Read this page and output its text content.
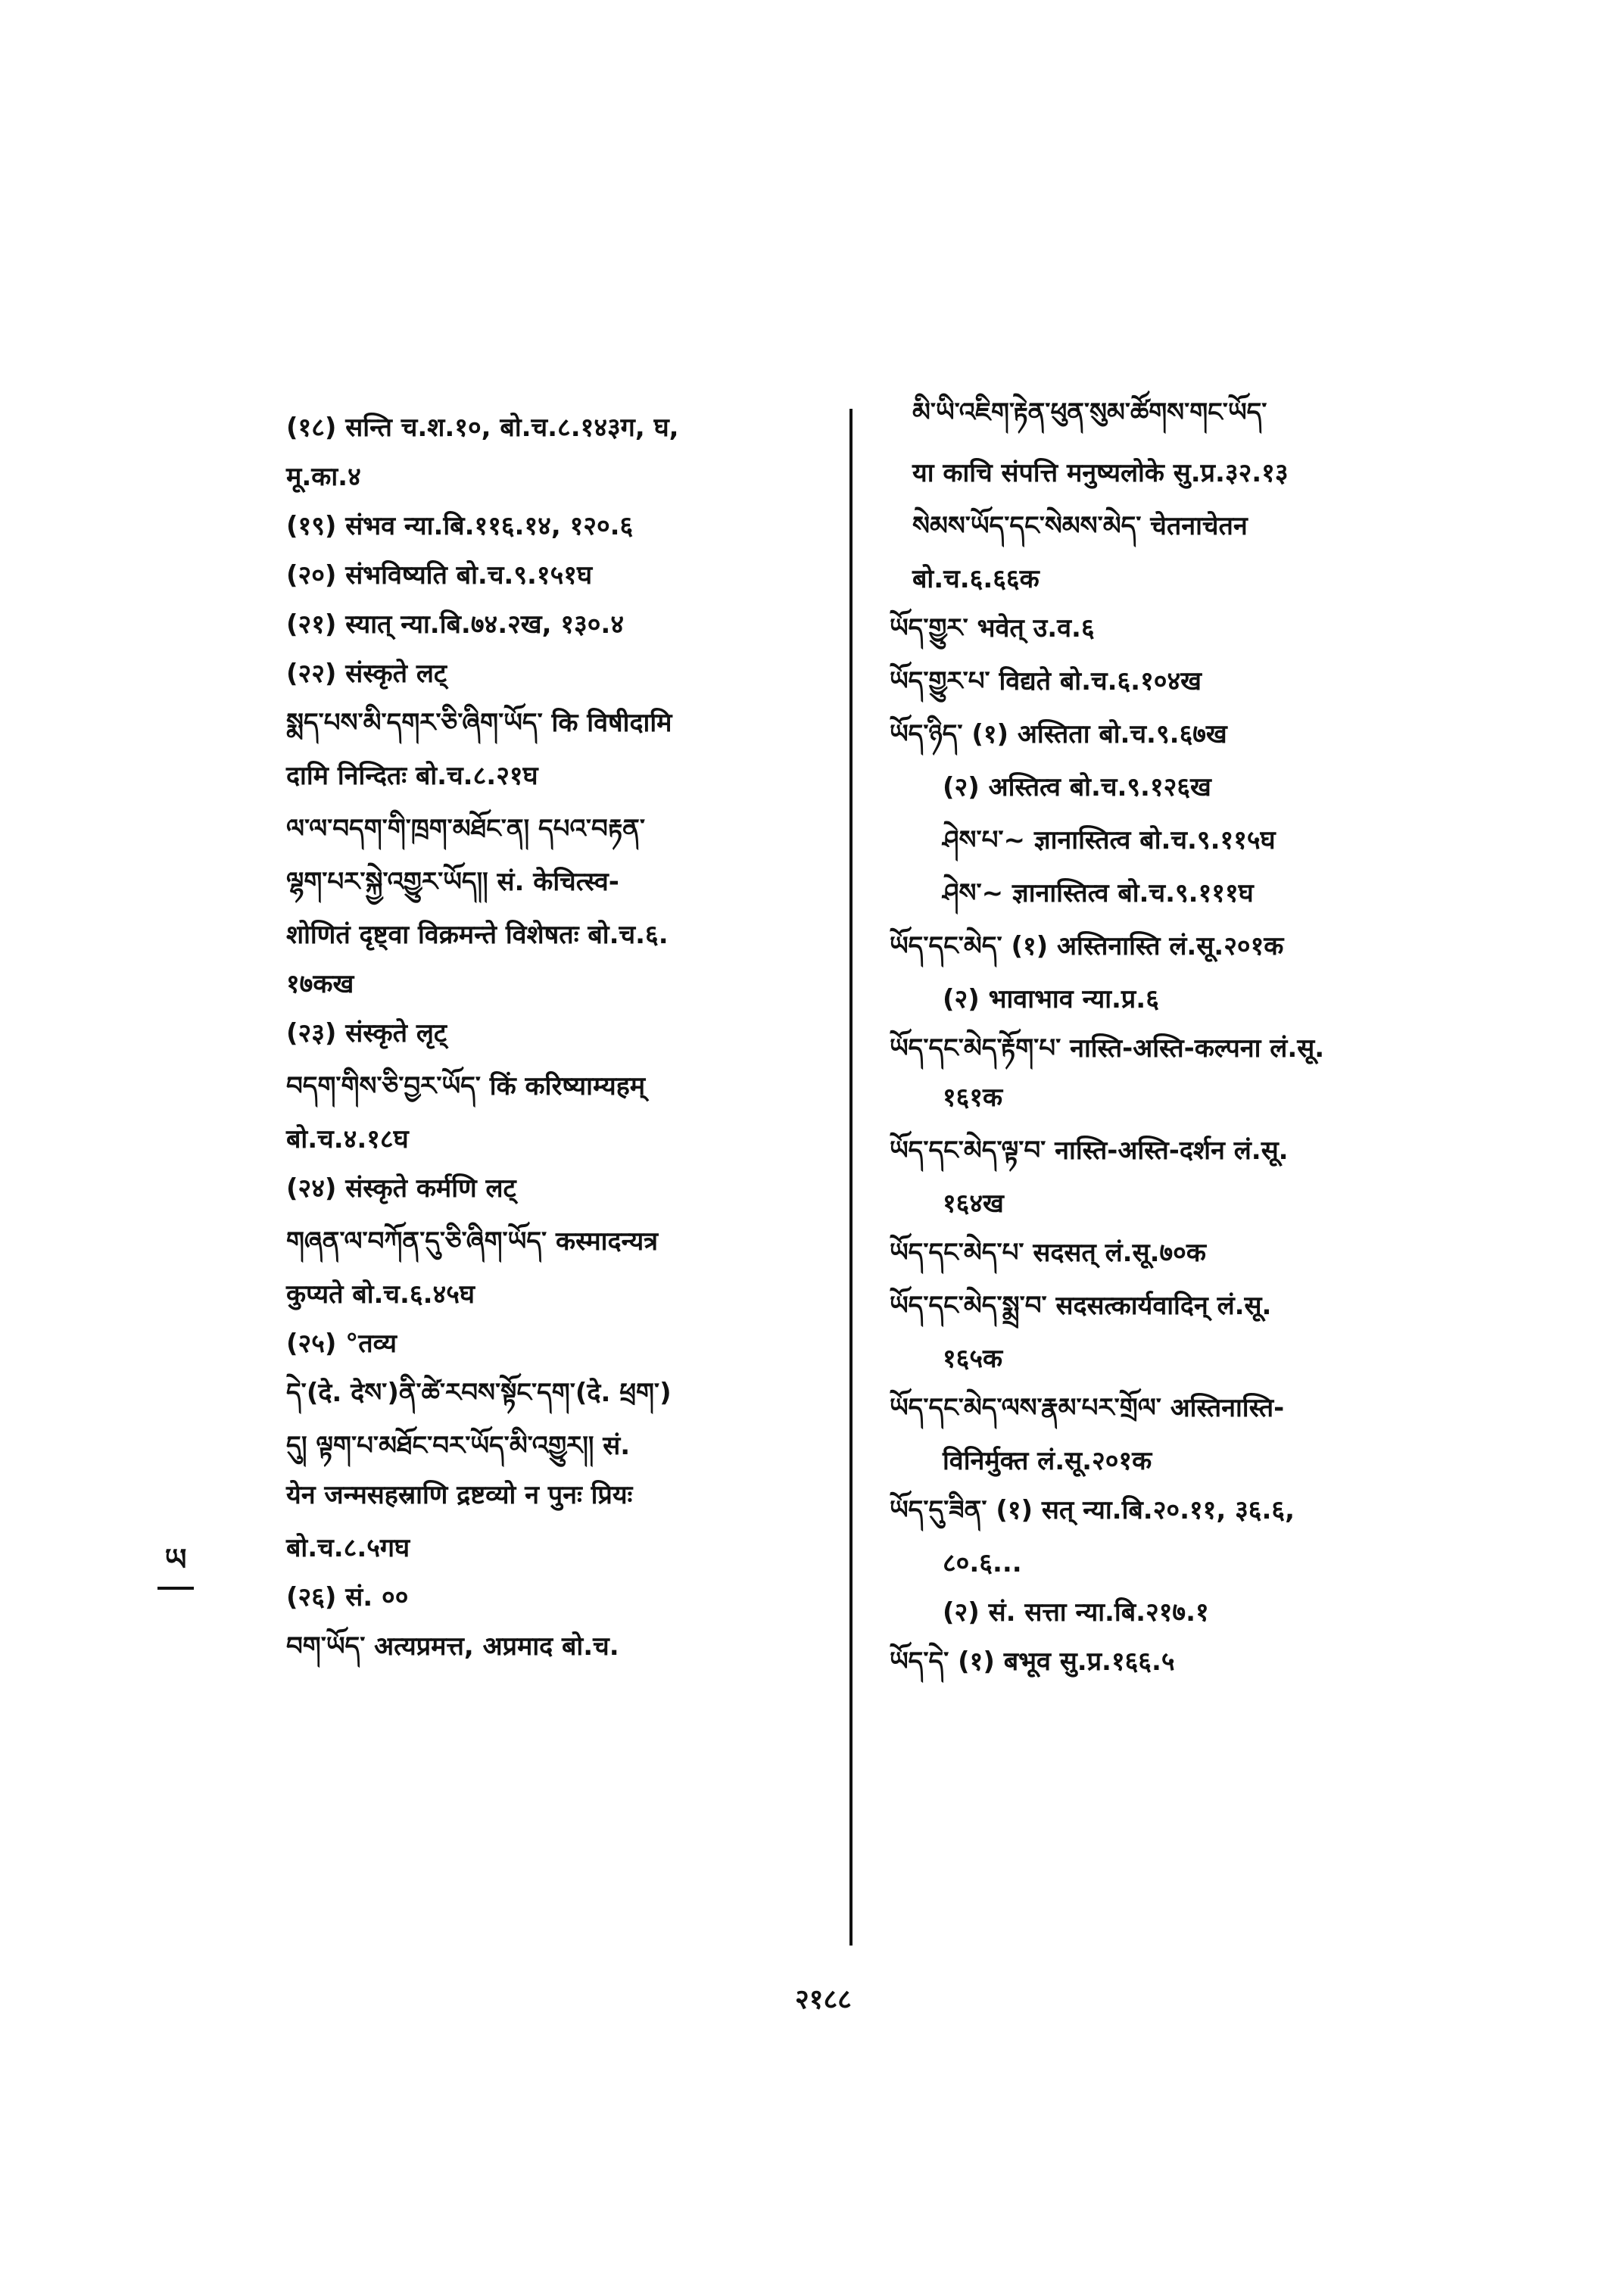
(१८) सन्ति च.श.१०, बो.च.८.१४३ग, घ,
मू.का.४
(१९) संभव न्या.बि.११६.१४, १२०.६
(२०) संभविष्यति बो.च.९.१५१घ
(२१) स्यात् न्या.बि.७४.२ख, १३०.४
(२२) संस्कृते लट्
སྨད་པས་མི་དགར་ཅི་ཞིག་ཡོད་ कि विषीदामि
दामि निन्दितः बो.च.८.२१घ
ལ་ལ་བདག་གི་ཁྲག་མཐོང་ན། དཔའ་བརྟན་
ལྷག་པར་སྐྱེ་འགྱུར་ཡོད།། सं. केचित्स्व-
शोणितं दृष्ट्वा विक्रमन्ते विशेषतः बो.च.६.
१७कख
(२३) संस्कृते लृट्
བདག་གིས་ཅི་བྱར་ཡོད་ किं करिष्याम्यहम्
बो.च.४.१८घ
(२४) संस्कृते कर्मणि लट्
གཞན་ལ་བཀོན་དུ་ཅི་ཞིག་ཡོད་ कस्मादन्यत्र
कुप्यते बो.च.६.४५घ
(२५) °तव्य
དེ་(दे. देས་)ནི་ཚེ་རབས་སྟོང་དག་(दे. ཕྲག་)
དུ། ལྟག་པ་མཐོང་བར་ཡོད་མི་འགྱུར།། सं.
येन जन्मसहस्राणि द्रष्टव्यो न पुनः प्रियः
बो.च.८.५गघ
(२६) सं. ००
བག་ཡོད་ अत्यप्रमत्त, अप्रमाद बो.च.
མི་ཡི་འཇིག་རྟེན་ཕུན་སུམ་ཚོགས་གང་ཡོད་
या काचि संपत्ति मनुष्यलोके सु.प्र.३२.१३
སེམས་ཡོད་དང་སེམས་མེད་ चेतनाचेतन
बो.च.६.६६क
ཡོད་གྱུར་ भवेत् उ.व.६
ཡོད་གྱུར་པ་ विद्यते बो.च.६.१०४ख
ཡོད་ཉིད་ (१) अस्तिता बो.च.९.६७ख
(२) अस्तित्व बो.च.९.१२६ख
ཤེས་པ་~ ज्ञानास्तित्व बो.च.९.११५घ
ཤེས་~ ज्ञानास्तित्व बो.च.९.१११घ
ཡོད་དང་མེད་ (१) अस्तिनास्ति लं.सू.२०१क
(२) भावाभाव न्या.प्र.६
ཡོད་དང་མེད་རྟོག་པ་ नास्ति-अस्ति-कल्पना लं.सू.
१६१क
ཡོད་དང་མེད་ལྟ་བ་ नास्ति-अस्ति-दर्शन लं.सू.
१६४ख
ཡོད་དང་མེད་པ་ सदसत् लं.सू.७०क
ཡོད་དང་མེད་སྨྲ་བ་ सदसत्कार्यवादिन् लं.सू.
१६५क
ཡོད་དང་མེད་ལས་རྣམ་པར་གྲོལ་ अस्तिनास्ति-
विनिर्मुक्त लं.सू.२०१क
ཡོད་དུ་ཟིན་ (१) सत् न्या.बि.२०.११, ३६.६,
८०.६...
(२) सं. सत्ता न्या.बि.२१७.१
ཡོད་དེ་ (१) बभूव सु.प्र.१६६.५
ཡ
२१८८
